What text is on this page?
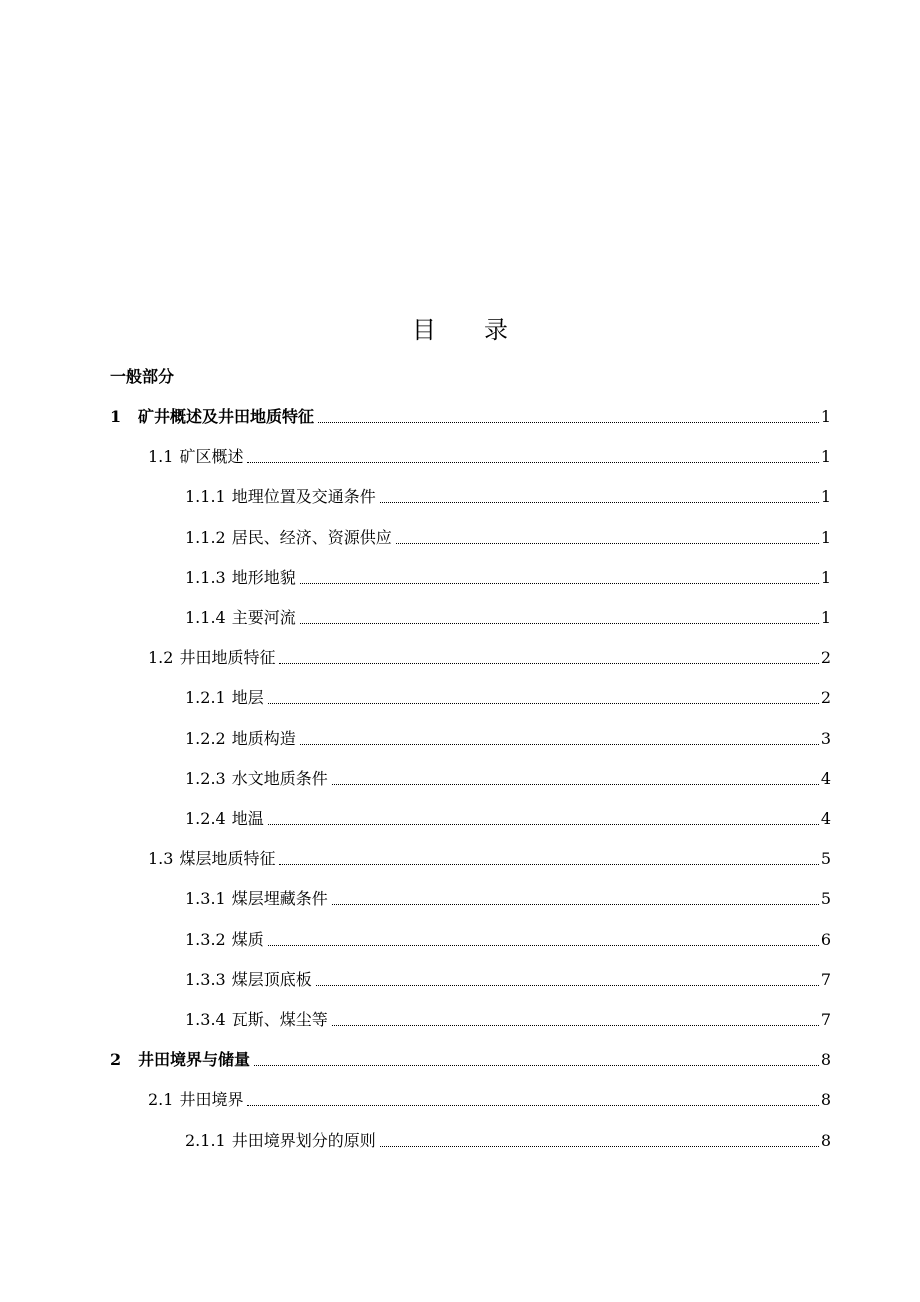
目 录
一般部分
1	矿井概述及井田地质特征	1
1.1 矿区概述	1
1.1.1 地理位置及交通条件	1
1.1.2 居民、经济、资源供应	1
1.1.3 地形地貌	1
1.1.4 主要河流	1
1.2 井田地质特征	2
1.2.1 地层	2
1.2.2 地质构造	3
1.2.3 水文地质条件	4
1.2.4 地温	4
1.3 煤层地质特征	5
1.3.1 煤层埋藏条件	5
1.3.2 煤质	6
1.3.3 煤层顶底板	7
1.3.4 瓦斯、煤尘等	7
2	井田境界与储量	8
2.1 井田境界	8
2.1.1 井田境界划分的原则	8
